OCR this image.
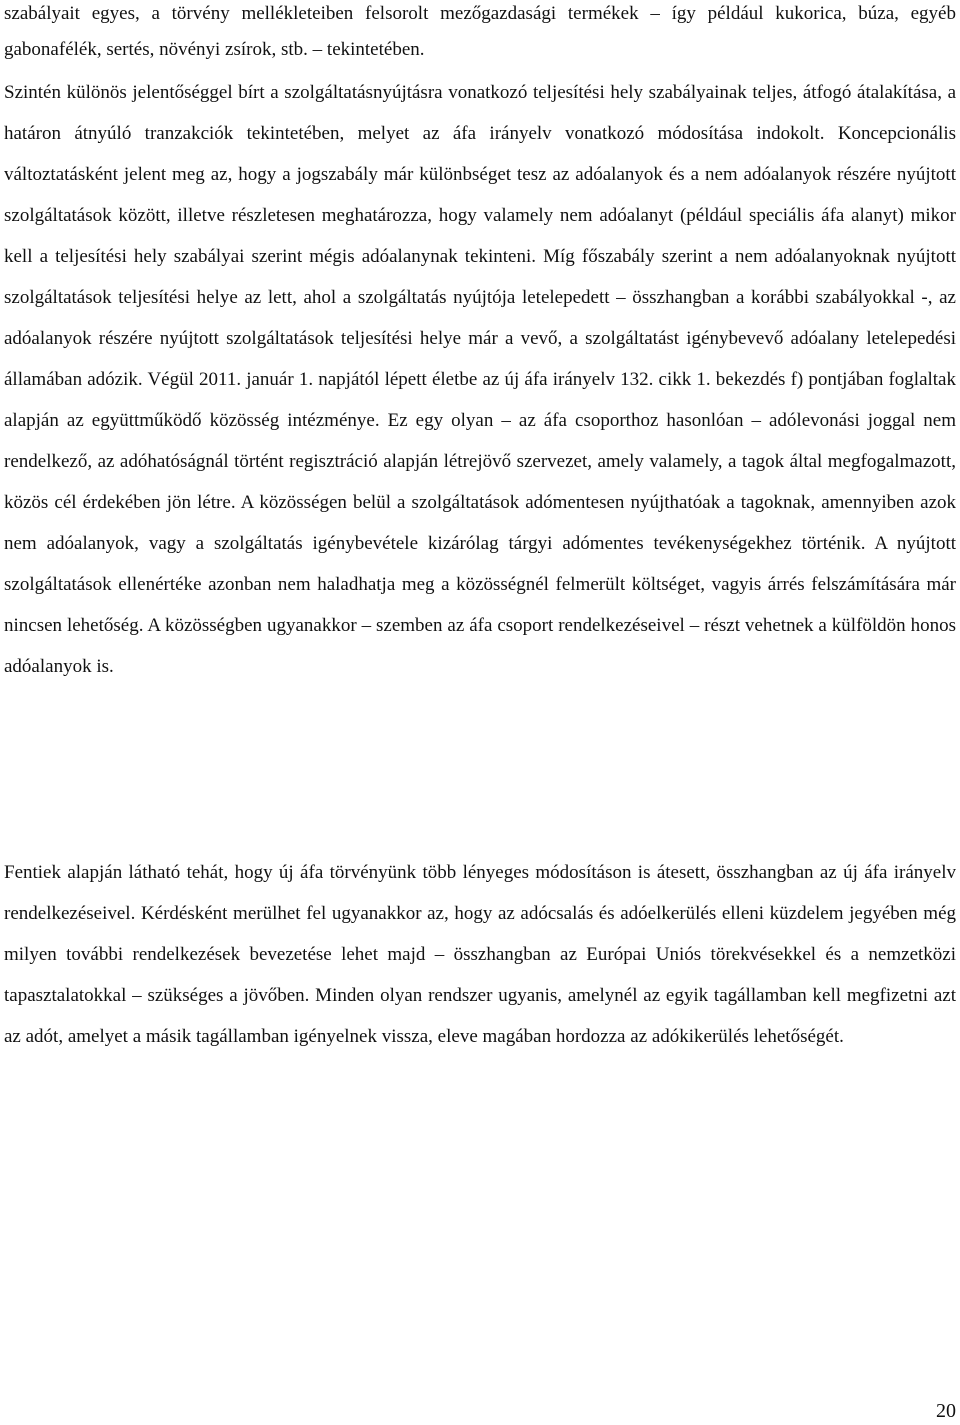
szabályait egyes, a törvény mellékleteiben felsorolt mezőgazdasági termékek – így például kukorica, búza, egyéb gabonafélék, sertés, növényi zsírok, stb. – tekintetében.
Szintén különös jelentőséggel bírt a szolgáltatásnyújtásra vonatkozó teljesítési hely szabályainak teljes, átfogó átalakítása, a határon átnyúló tranzakciók tekintetében, melyet az áfa irányelv vonatkozó módosítása indokolt. Koncepcionális változtatásként jelent meg az, hogy a jogszabály már különbséget tesz az adóalanyok és a nem adóalanyok részére nyújtott szolgáltatások között, illetve részletesen meghatározza, hogy valamely nem adóalanyt (például speciális áfa alanyt) mikor kell a teljesítési hely szabályai szerint mégis adóalanynak tekinteni. Míg főszabály szerint a nem adóalanyoknak nyújtott szolgáltatások teljesítési helye az lett, ahol a szolgáltatás nyújtója letelepedett – összhangban a korábbi szabályokkal -, az adóalanyok részére nyújtott szolgáltatások teljesítési helye már a vevő, a szolgáltatást igénybevevő adóalany letelepedési államában adózik. Végül 2011. január 1. napjától lépett életbe az új áfa irányelv 132. cikk 1. bekezdés f) pontjában foglaltak alapján az együttműködő közösség intézménye. Ez egy olyan – az áfa csoporthoz hasonlóan – adólevonási joggal nem rendelkező, az adóhatóságnál történt regisztráció alapján létrejövő szervezet, amely valamely, a tagok által megfogalmazott, közös cél érdekében jön létre. A közösségen belül a szolgáltatások adómentesen nyújthatóak a tagoknak, amennyiben azok nem adóalanyok, vagy a szolgáltatás igénybevétele kizárólag tárgyi adómentes tevékenységekhez történik. A nyújtott szolgáltatások ellenértéke azonban nem haladhatja meg a közösségnél felmerült költséget, vagyis árrés felszámítására már nincsen lehetőség. A közösségben ugyanakkor – szemben az áfa csoport rendelkezéseivel – részt vehetnek a külföldön honos adóalanyok is.

Fentiek alapján látható tehát, hogy új áfa törvényünk több lényeges módosításon is átesett, összhangban az új áfa irányelv rendelkezéseivel. Kérdésként merülhet fel ugyanakkor az, hogy az adócsalás és adóelkerülés elleni küzdelem jegyében még milyen további rendelkezések bevezetése lehet majd – összhangban az Európai Uniós törekvésekkel és a nemzetközi tapasztalatokkal – szükséges a jövőben. Minden olyan rendszer ugyanis, amelynél az egyik tagállamban kell megfizetni azt az adót, amelyet a másik tagállamban igényelnek vissza, eleve magában hordozza az adókikerülés lehetőségét.

20
